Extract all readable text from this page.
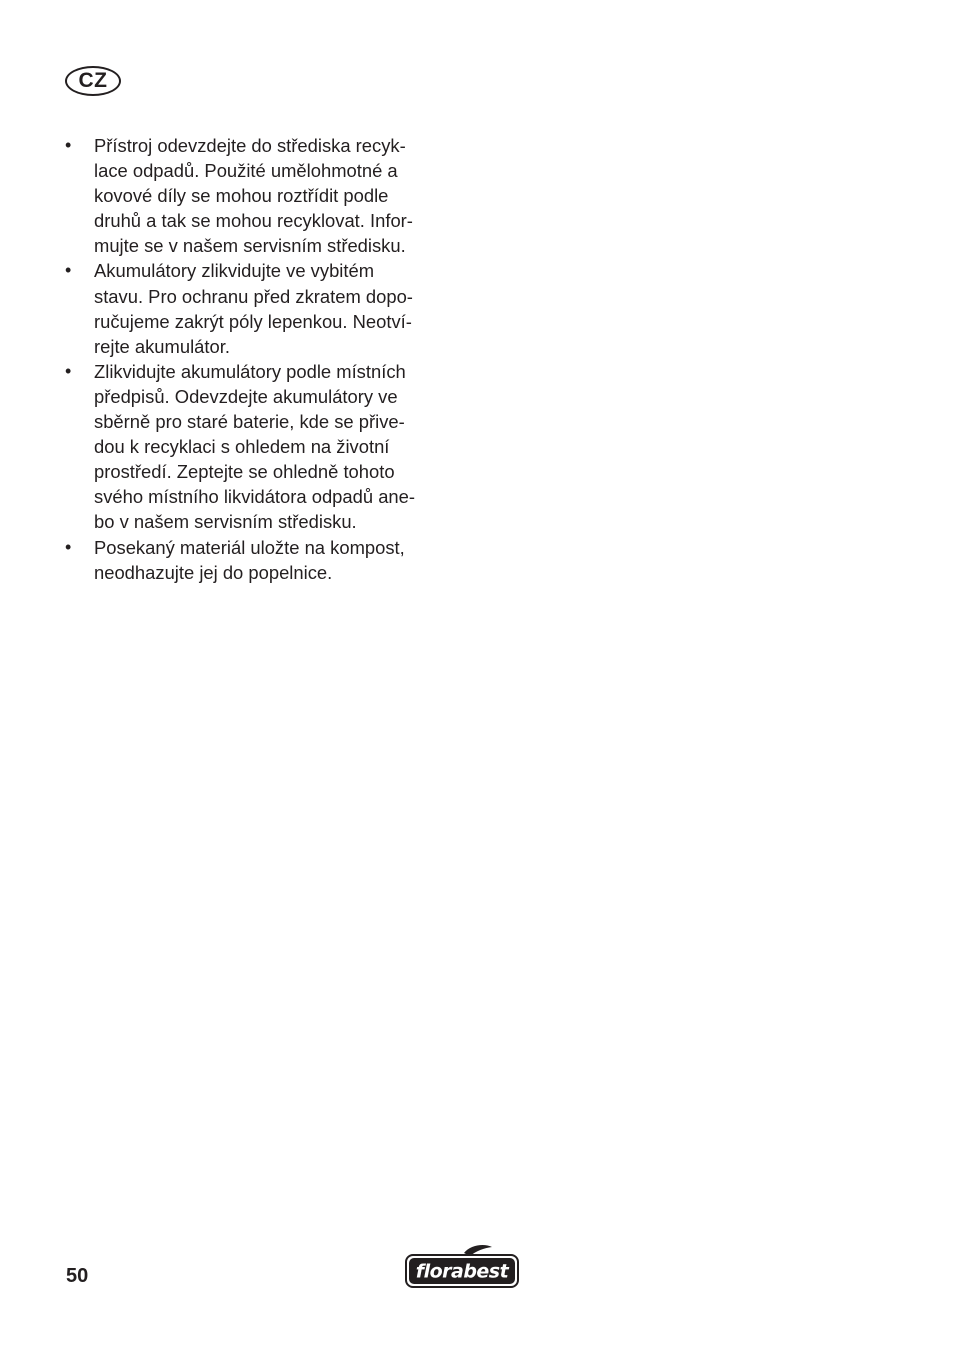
CZ
• Přístroj odevzdejte do střediska recyk-
lace odpadů. Použité umělohmotné a
kovové díly se mohou roztřídit podle
druhů a tak se mohou recyklovat. Infor-
mujte se v našem servisním středisku.
• Akumulátory zlikvidujte ve vybitém
stavu. Pro ochranu před zkratem dopo-
ručujeme zakrýt póly lepenkou. Neotví-
rejte akumulátor.
• Zlikvidujte akumulátory podle místních
předpisů. Odevzdejte akumulátory ve
sběrně pro staré baterie, kde se přive-
dou k recyklaci s ohledem na životní
prostředí. Zeptejte se ohledně tohoto
svého místního likvidátora odpadů ane-
bo v našem servisním středisku.
• Posekaný materiál uložte na kompost,
neodhazujte jej do popelnice.
50	florabest
